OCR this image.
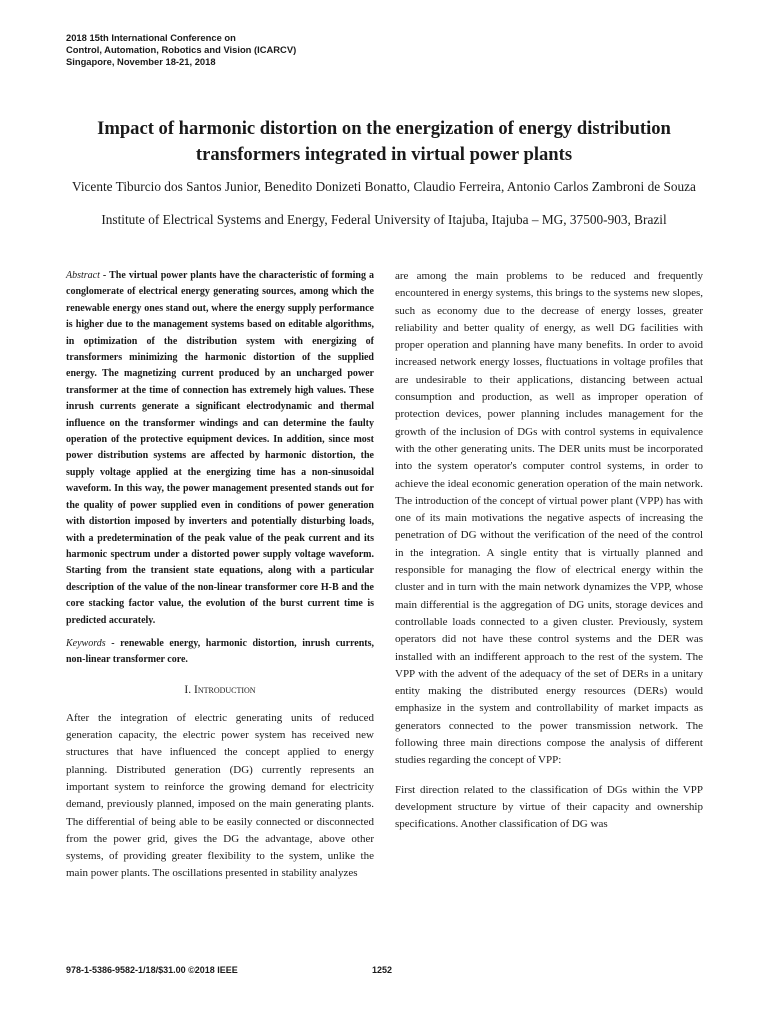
2018 15th International Conference on
Control, Automation, Robotics and Vision (ICARCV)
Singapore, November 18-21, 2018
Impact of harmonic distortion on the energization of energy distribution
transformers integrated in virtual power plants
Vicente Tiburcio dos Santos Junior, Benedito Donizeti Bonatto, Claudio Ferreira, Antonio Carlos Zambroni de Souza
Institute of Electrical Systems and Energy, Federal University of Itajuba, Itajuba – MG, 37500-903, Brazil

Abstract - The virtual power plants have the characteristic of forming a conglomerate of electrical energy generating sources, among which the renewable energy ones stand out, where the energy supply performance is higher due to the management systems based on editable algorithms, in optimization of the distribution system with energizing of transformers minimizing the harmonic distortion of the supplied energy. The magnetizing current produced by an uncharged power transformer at the time of connection has extremely high values. These inrush currents generate a significant electrodynamic and thermal influence on the transformer windings and can determine the faulty operation of the protective equipment devices. In addition, since most power distribution systems are affected by harmonic distortion, the supply voltage applied at the energizing time has a non-sinusoidal waveform. In this way, the power management presented stands out for the quality of power supplied even in conditions of power generation with distortion imposed by inverters and potentially disturbing loads, with a predetermination of the peak value of the peak current and its harmonic spectrum under a distorted power supply voltage waveform. Starting from the transient state equations, along with a particular description of the value of the non-linear transformer core H-B and the core stacking factor value, the evolution of the burst current time is predicted accurately.

Keywords - renewable energy, harmonic distortion, inrush currents, non-linear transformer core.

I. Introduction

After the integration of electric generating units of reduced generation capacity, the electric power system has received new structures that have influenced the concept applied to energy planning. Distributed generation (DG) currently represents an important system to reinforce the growing demand for electricity demand, previously planned, imposed on the main generating plants. The differential of being able to be easily connected or disconnected from the power grid, gives the DG the advantage, above other systems, of providing greater flexibility to the system, unlike the main power plants. The oscillations presented in stability analyzes

are among the main problems to be reduced and frequently encountered in energy systems, this brings to the systems new slopes, such as economy due to the decrease of energy losses, greater reliability and better quality of energy, as well DG facilities with proper operation and planning have many benefits. In order to avoid increased network energy losses, fluctuations in voltage profiles that are undesirable to their applications, distancing between actual consumption and production, as well as improper operation of protection devices, power planning includes management for the growth of the inclusion of DGs with control systems in equivalence with the other generating units. The DER units must be incorporated into the system operator's computer control systems, in order to achieve the ideal economic generation operation of the main network. The introduction of the concept of virtual power plant (VPP) has with one of its main motivations the negative aspects of increasing the penetration of DG without the verification of the need of the control in the integration. A single entity that is virtually planned and responsible for managing the flow of electrical energy within the cluster and in turn with the main network dynamizes the VPP, whose main differential is the aggregation of DG units, storage devices and controllable loads connected to a given cluster. Previously, system operators did not have these control systems and the DER was installed with an indifferent approach to the rest of the system. The VPP with the advent of the adequacy of the set of DERs in a unitary entity making the distributed energy resources (DERs) would emphasize in the system and controllability of market impacts as generators connected to the power transmission network. The following three main directions compose the analysis of different studies regarding the concept of VPP:

First direction related to the classification of DGs within the VPP development structure by virtue of their capacity and ownership specifications. Another classification of DG was

978-1-5386-9582-1/18/$31.00 ©2018 IEEE	1252
